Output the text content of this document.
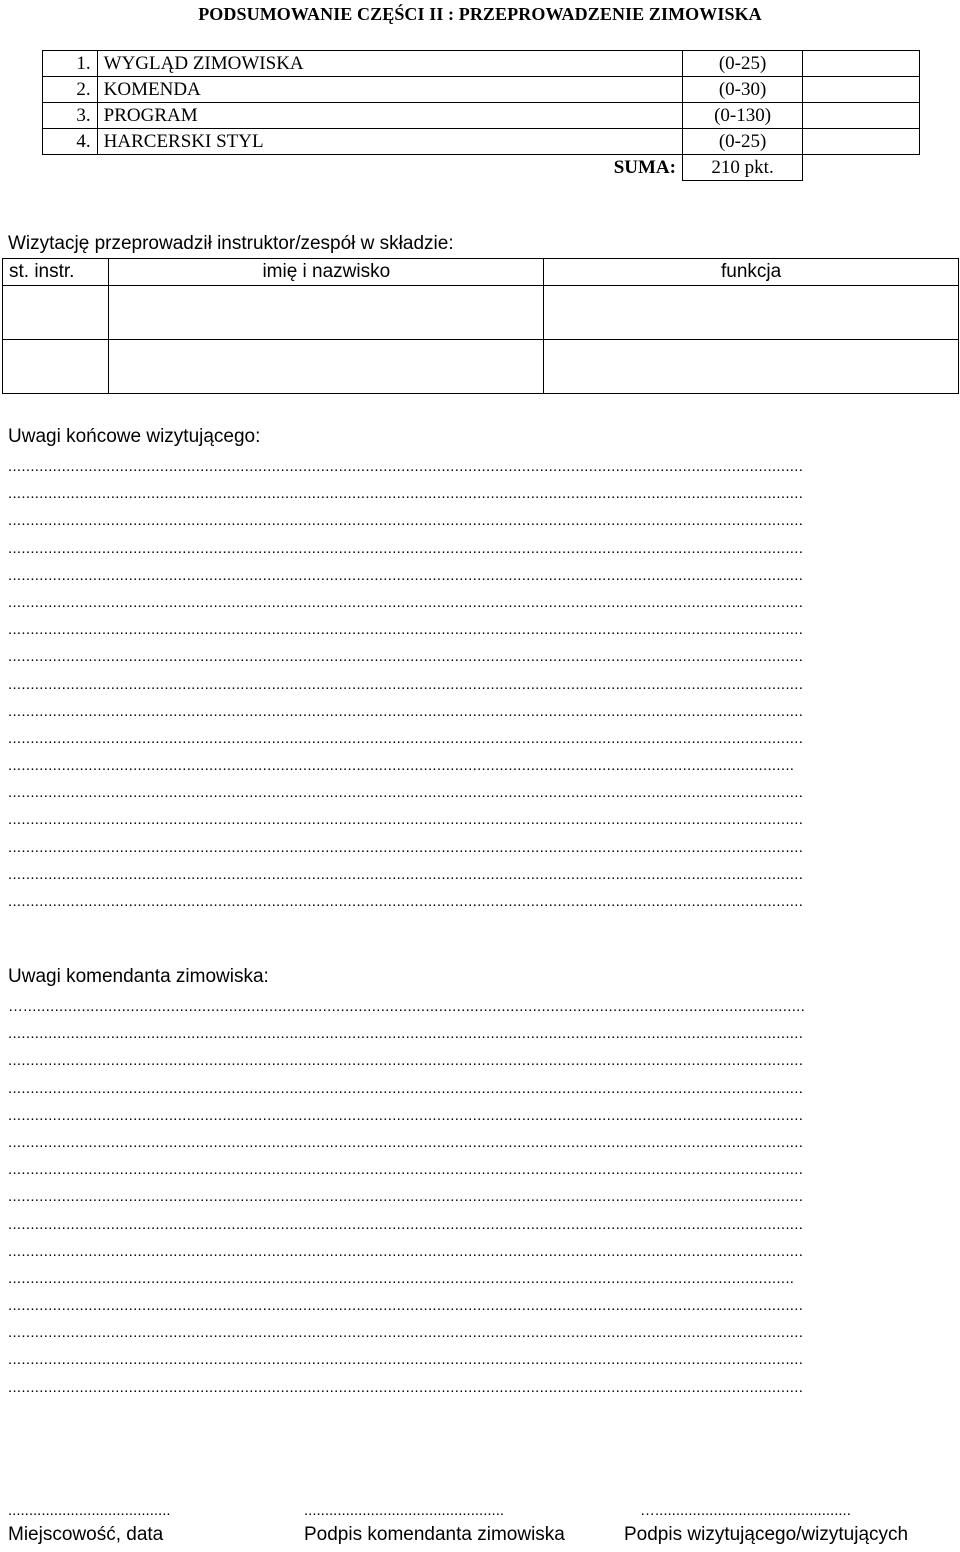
PODSUMOWANIE CZĘŚCI II : PRZEPROWADZENIE ZIMOWISKA
1.	WYGLĄD ZIMOWISKA	(0-25)	
2.	KOMENDA	(0-30)	
3.	PROGRAM	(0-130)	
4.	HARCERSKI STYL	(0-25)	
SUMA:		210 pkt.	
Wizytację przeprowadził instruktor/zespół w składzie:
st. instr.	imię i nazwisko	funkcja

Uwagi końcowe wizytującego:
..................................................................................................................................................................................
..................................................................................................................................................................................
..................................................................................................................................................................................
..................................................................................................................................................................................
..................................................................................................................................................................................
..................................................................................................................................................................................
..................................................................................................................................................................................
..................................................................................................................................................................................
..................................................................................................................................................................................
..................................................................................................................................................................................
..................................................................................................................................................................................
................................................................................................................................................................................
..................................................................................................................................................................................
..................................................................................................................................................................................
..................................................................................................................................................................................
..................................................................................................................................................................................
..................................................................................................................................................................................
Uwagi komendanta zimowiska:
…...............................................................................................................................................................................
..................................................................................................................................................................................
..................................................................................................................................................................................
..................................................................................................................................................................................
..................................................................................................................................................................................
..................................................................................................................................................................................
..................................................................................................................................................................................
..................................................................................................................................................................................
..................................................................................................................................................................................
..................................................................................................................................................................................
................................................................................................................................................................................
..................................................................................................................................................................................
..................................................................................................................................................................................
..................................................................................................................................................................................
..................................................................................................................................................................................
.......................................
Miejscowość, data
................................................
Podpis komendanta zimowiska
…...............................................
Podpis wizytującego/wizytujących
